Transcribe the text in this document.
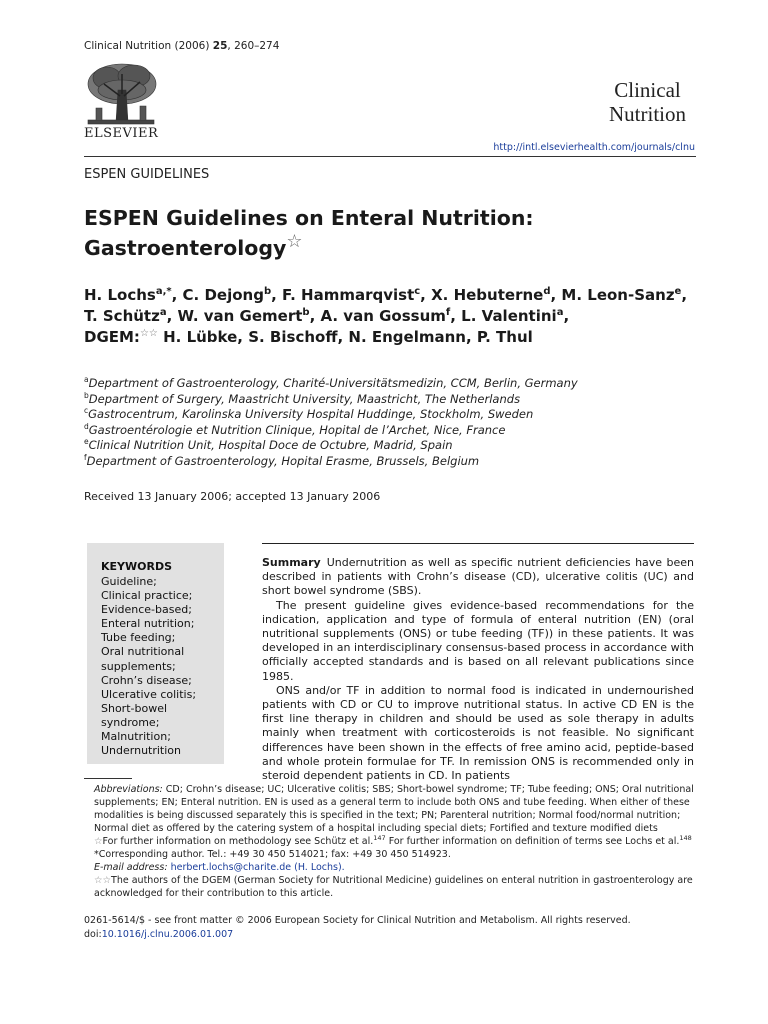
Clinical Nutrition (2006) 25, 260–274
ELSEVIER
Clinical
Nutrition
http://intl.elsevierhealth.com/journals/clnu
ESPEN GUIDELINES
ESPEN Guidelines on Enteral Nutrition:
Gastroenterology☆
H. Lochs$^{a,*}$, C. Dejong$^b$, F. Hammarqvist$^c$, X. Hebuterne$^d$, M. Leon-Sanz$^e$,
T. Schütz$^a$, W. van Gemert$^b$, A. van Gossum$^f$, L. Valentini$^a$,
DGEM:☆☆ H. Lübke, S. Bischoff, N. Engelmann, P. Thul
$^a$Department of Gastroenterology, Charité-Universitätsmedizin, CCM, Berlin, Germany
$^b$Department of Surgery, Maastricht University, Maastricht, The Netherlands
$^c$Gastrocentrum, Karolinska University Hospital Huddinge, Stockholm, Sweden
$^d$Gastroentérologie et Nutrition Clinique, Hopital de l’Archet, Nice, France
$^e$Clinical Nutrition Unit, Hospital Doce de Octubre, Madrid, Spain
$^f$Department of Gastroenterology, Hopital Erasme, Brussels, Belgium
Received 13 January 2006; accepted 13 January 2006
KEYWORDS
Guideline;
Clinical practice;
Evidence-based;
Enteral nutrition;
Tube feeding;
Oral nutritional
supplements;
Crohn’s disease;
Ulcerative colitis;
Short-bowel
syndrome;
Malnutrition;
Undernutrition

Summary Undernutrition as well as specific nutrient deficiencies have been described in patients with Crohn’s disease (CD), ulcerative colitis (UC) and short bowel syndrome (SBS).

The present guideline gives evidence-based recommendations for the indication, application and type of formula of enteral nutrition (EN) (oral nutritional supplements (ONS) or tube feeding (TF)) in these patients. It was developed in an interdisciplinary consensus-based process in accordance with officially accepted standards and is based on all relevant publications since 1985.

ONS and/or TF in addition to normal food is indicated in undernourished patients with CD or CU to improve nutritional status. In active CD EN is the first line therapy in children and should be used as sole therapy in adults mainly when treatment with corticosteroids is not feasible. No significant differences have been shown in the effects of free amino acid, peptide-based and whole protein formulae for TF. In remission ONS is recommended only in steroid dependent patients in CD. In patients

Abbreviations: CD; Crohn’s disease; UC; Ulcerative colitis; SBS; Short-bowel syndrome; TF; Tube feeding; ONS; Oral nutritional supplements; EN; Enteral nutrition. EN is used as a general term to include both ONS and tube feeding. When either of these modalities is being discussed separately this is specified in the text; PN; Parenteral nutrition; Normal food/normal nutrition; Normal diet as offered by the catering system of a hospital including special diets; Fortified and texture modified diets

☆For further information on methodology see Schütz et al.$^{147}$ For further information on definition of terms see Lochs et al.$^{148}$

*Corresponding author. Tel.: +49 30 450 514021; fax: +49 30 450 514923.

E-mail address: herbert.lochs@charite.de (H. Lochs).

☆☆The authors of the DGEM (German Society for Nutritional Medicine) guidelines on enteral nutrition in gastroenterology are acknowledged for their contribution to this article.

0261-5614/$ - see front matter © 2006 European Society for Clinical Nutrition and Metabolism. All rights reserved.
doi:10.1016/j.clnu.2006.01.007
